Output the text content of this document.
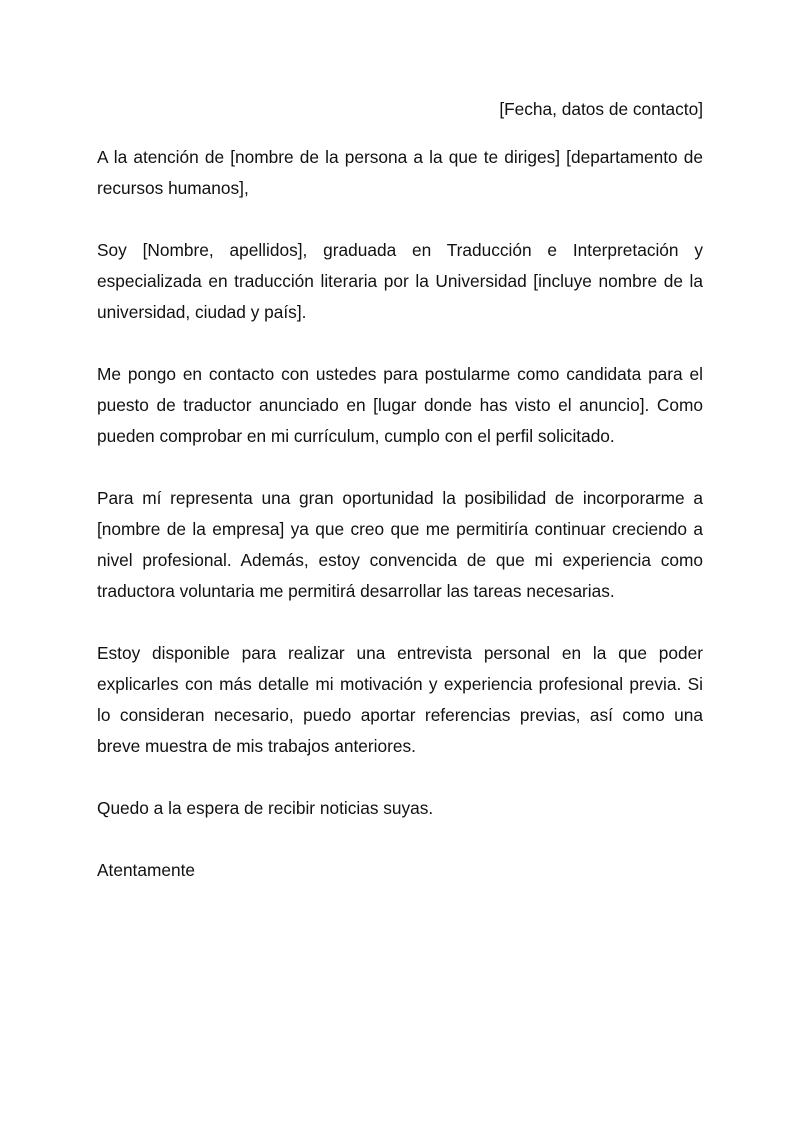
[Fecha, datos de contacto]

A la atención de [nombre de la persona a la que te diriges] [departamento de recursos humanos],

Soy [Nombre, apellidos], graduada en Traducción e Interpretación y especializada en traducción literaria por la Universidad [incluye nombre de la universidad, ciudad y país].

Me pongo en contacto con ustedes para postularme como candidata para el puesto de traductor anunciado en [lugar donde has visto el anuncio]. Como pueden comprobar en mi currículum, cumplo con el perfil solicitado.

Para mí representa una gran oportunidad la posibilidad de incorporarme a [nombre de la empresa] ya que creo que me permitiría continuar creciendo a nivel profesional. Además, estoy convencida de que mi experiencia como traductora voluntaria me permitirá desarrollar las tareas necesarias.

Estoy disponible para realizar una entrevista personal en la que poder explicarles con más detalle mi motivación y experiencia profesional previa. Si lo consideran necesario, puedo aportar referencias previas, así como una breve muestra de mis trabajos anteriores.

Quedo a la espera de recibir noticias suyas.

Atentamente
